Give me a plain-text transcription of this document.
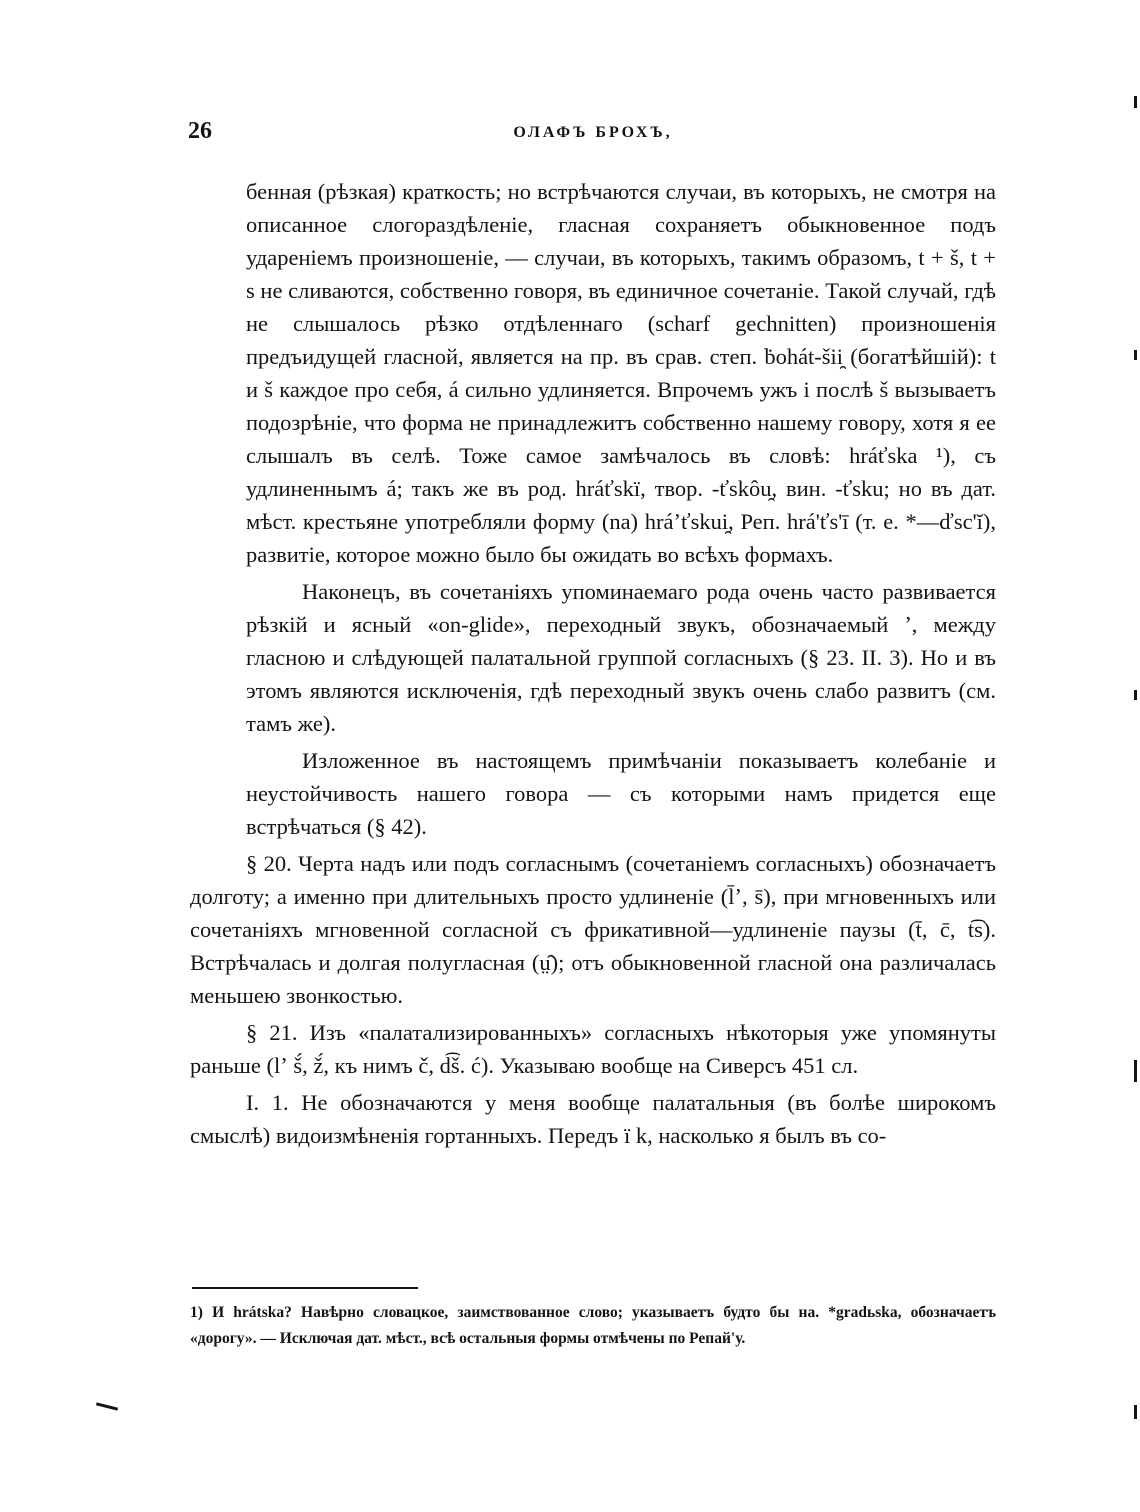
26	ОЛАФЪ БРОХЪ,

бенная (рѣзкая) краткость; но встрѣчаются случаи, въ которыхъ, не смотря на описанное слогораздѣленіе, гласная сохраняетъ обыкновенное подъ удареніемъ произношеніе, — случаи, въ которыхъ, такимъ образомъ, t + š, t + s не сливаются, собственно говоря, въ единичное сочетаніе. Такой случай, гдѣ не слышалось рѣзко отдѣленнаго (scharf gechnitten) произношенія предъидущей гласной, является на пр. въ срав. степ. ḃohát-šii̯ (богатѣйшій): t и š каждое про себя, á сильно удлиняется. Впрочемъ ужъ і послѣ š вызываетъ подозрѣніе, что форма не принадлежитъ собственно нашему говору, хотя я ее слышалъ въ селѣ. Тоже самое замѣчалось въ словѣ: hráťska ¹), съ удлиненнымъ á; такъ же въ род. hráťskï, твор. -ťskôu̯, вин. -ťsku; но въ дат. мѣст. крестьяне употребляли форму (na) hráʼťskui̯, Реп. hrá'ťs'ī (т. е. *—ďsc'ĭ), развитіе, которое можно было бы ожидать во всѣхъ формахъ.

Наконецъ, въ сочетаніяхъ упоминаемаго рода очень часто развивается рѣзкій и ясный «on-glide», переходный звукъ, обозначаемый ʼ, между гласною и слѣдующей палатальной группой согласныхъ (§ 23. II. 3). Но и въ этомъ являются исключенія, гдѣ переходный звукъ очень слабо развитъ (см. тамъ же).

Изложенное въ настоящемъ примѣчаніи показываетъ колебаніе и неустойчивость нашего говора — съ которыми намъ придется еще встрѣчаться (§ 42).

§ 20. Черта надъ или подъ согласнымъ (сочетаніемъ согласныхъ) обозначаетъ долготу; а именно при длительныхъ просто удлиненіе (l̄ʼ, s̄), при мгновенныхъ или сочетаніяхъ мгновенной согласной съ фрикативной—удлиненіе паузы (t̄, c̄, t͡s). Встрѣчалась и долгая полугласная (ṳ̑); отъ обыкновенной гласной она различалась меньшею звонкостью.

§ 21. Изъ «палатализированныхъ» согласныхъ нѣкоторыя уже упомянуты раньше (lʼ š́, ž́, къ нимъ č, d͡š. ć). Указываю вообще на Сиверсъ 451 сл.

I. 1. Не обозначаются у меня вообще палатальныя (въ болѣе широкомъ смыслѣ) видоизмѣненія гортанныхъ. Передъ ї k, насколько я былъ въ со-

1) И hrátska? Навѣрно словацкое, заимствованное слово; указываетъ будто бы на. *gradьska, обозначаетъ «дорогу». — Исключая дат. мѣст., всѣ остальныя формы отмѣчены по Репай'у.
